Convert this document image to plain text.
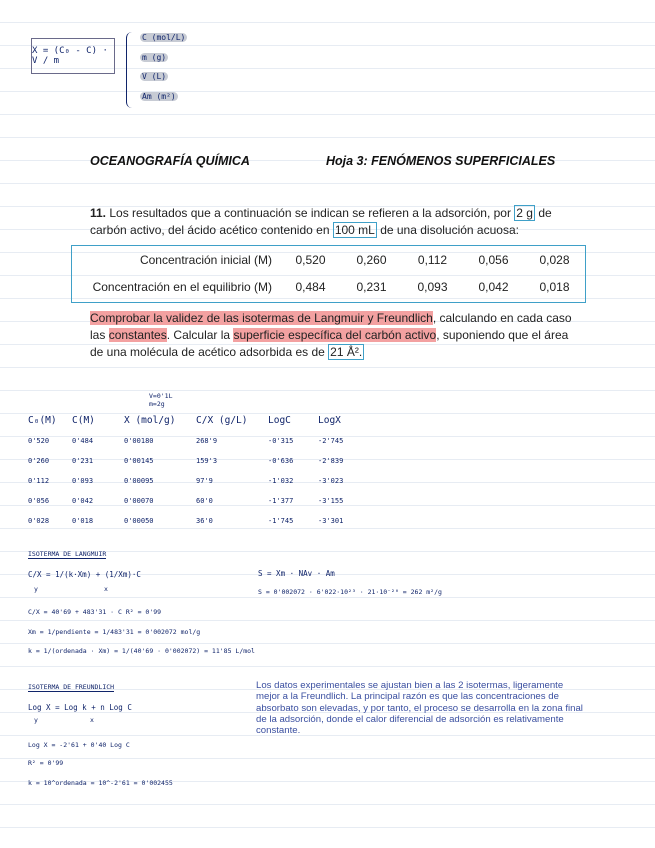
X = (C₀ - C) · V / m
C (mol/L)
m (g)
V (L)
Am (m²)
OCEANOGRAFÍA QUÍMICA	Hoja 3: FENÓMENOS SUPERFICIALES
11. Los resultados que a continuación se indican se refieren a la adsorción, por 2 g de carbón activo, del ácido acético contenido en 100 mL de una disolución acuosa:
Concentración inicial (M)	0,520	0,260	0,112	0,056	0,028
Concentración en el equilibrio (M)	0,484	0,231	0,093	0,042	0,018
Comprobar la validez de las isotermas de Langmuir y Freundlich, calculando en cada caso las constantes. Calcular la superficie específica del carbón activo, suponiendo que el área de una molécula de acético adsorbida es de 21 Å².
V=0'1L
m=2g
C₀(M)	C(M)	X (mol/g)	C/X (g/L)	LogC	LogX
0'520	0'484	0'00180	268'9	-0'315	-2'745
0'260	0'231	0'00145	159'3	-0'636	-2'839
0'112	0'093	0'00095	97'9	-1'032	-3'023
0'056	0'042	0'00070	60'0	-1'377	-3'155
0'028	0'018	0'00050	36'0	-1'745	-3'301
ISOTERMA DE LANGMUIR
C/X = 1/(k·Xm) + (1/Xm)·C
y	x
C/X = 40'69 + 483'31 · C R² = 0'99
Xm = 1/pendiente = 1/483'31 = 0'002072 mol/g
k = 1/(ordenada · Xm) = 1/(40'69 · 0'002072) = 11'85 L/mol
S = Xm · NAv · Am
S = 0'002072 · 6'022·10²³ · 21·10⁻²⁰ = 262 m²/g
ISOTERMA DE FREUNDLICH
Log X = Log k + n Log C
y	x
Log X = -2'61 + 0'40 Log C
R² = 0'99
k = 10^ordenada = 10^-2'61 = 0'002455
Los datos experimentales se ajustan bien a las 2 isotermas, ligeramente mejor a la Freundlich. La principal razón es que las concentraciones de absorbato son elevadas, y por tanto, el proceso se desarrolla en la zona final de la adsorción, donde el calor diferencial de adsorción es relativamente constante.
